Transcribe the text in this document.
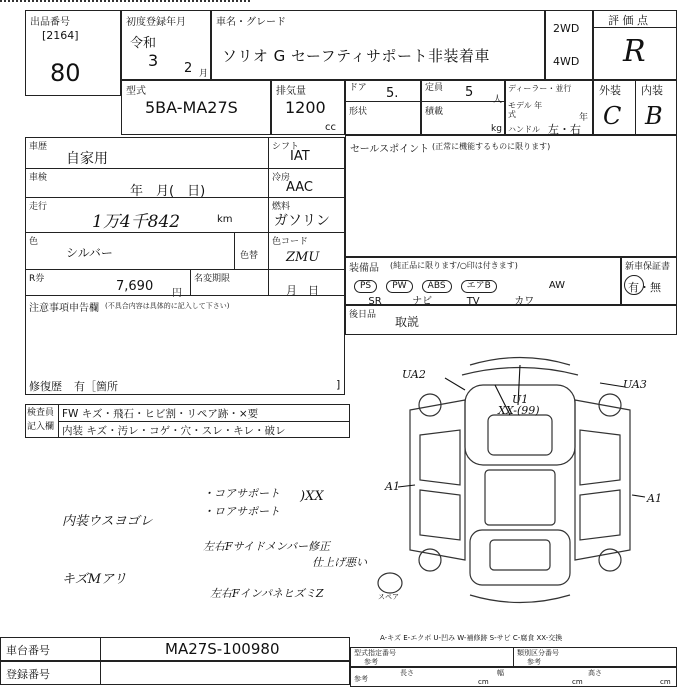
出品番号
[2164]
80
初度登録年月
令和
3 2 月
車名・グレード
ソリオ G セーフティサポート非装着車
2WD
4WD
評 価 点
R
型式
5BA-MA27S
排気量
1200
cc
ドア 5.
形状
定員 5 人
積載
kg
ディーラー・並行
モデル 年式	年
ハンドル 左・右
外装 内装
C B
車歴
自家用
シフト
IAT
車検
年　月(　日)
冷房
AAC
走行
1万4千842	km
燃料
ガソリン
色
シルバー	色替
色コード
ZMU
R券	7,690 円
名変期限
月　日
注意事項申告欄 (不具合内容は具体的に記入して下さい)
修復歴 有［箇所	]
セールスポイント (正常に機能するものに限ります)
装備品 (純正品に限ります/○印は付きます)
PS PW ABS エアB	AW
SR	ナビ	TV	カワ
新車保証書
有・無
後日品 取説
検査員 記入欄
FW キズ・飛石・ヒビ割・リペア跡・×要
内装 キズ・汚レ・コゲ・穴・スレ・キレ・破レ
・コアサポート
・ロアサポート
)XX
内装ウスヨゴレ
左右Fサイドメンバー修正
仕上げ悪い
キズMアリ
左右FインパネヒズミZ
UA2
UA3
U1
XX-(99)
A1
A1
スペア
A-キズ E-エクボ U-凹み W-補修跡 S-サビ C-腐食 XX-交換
車台番号	MA27S-100980
登録番号
型式指定番号
参考
類別区分番号
参考
参考
長さ
cm
幅
cm
高さ
cm
